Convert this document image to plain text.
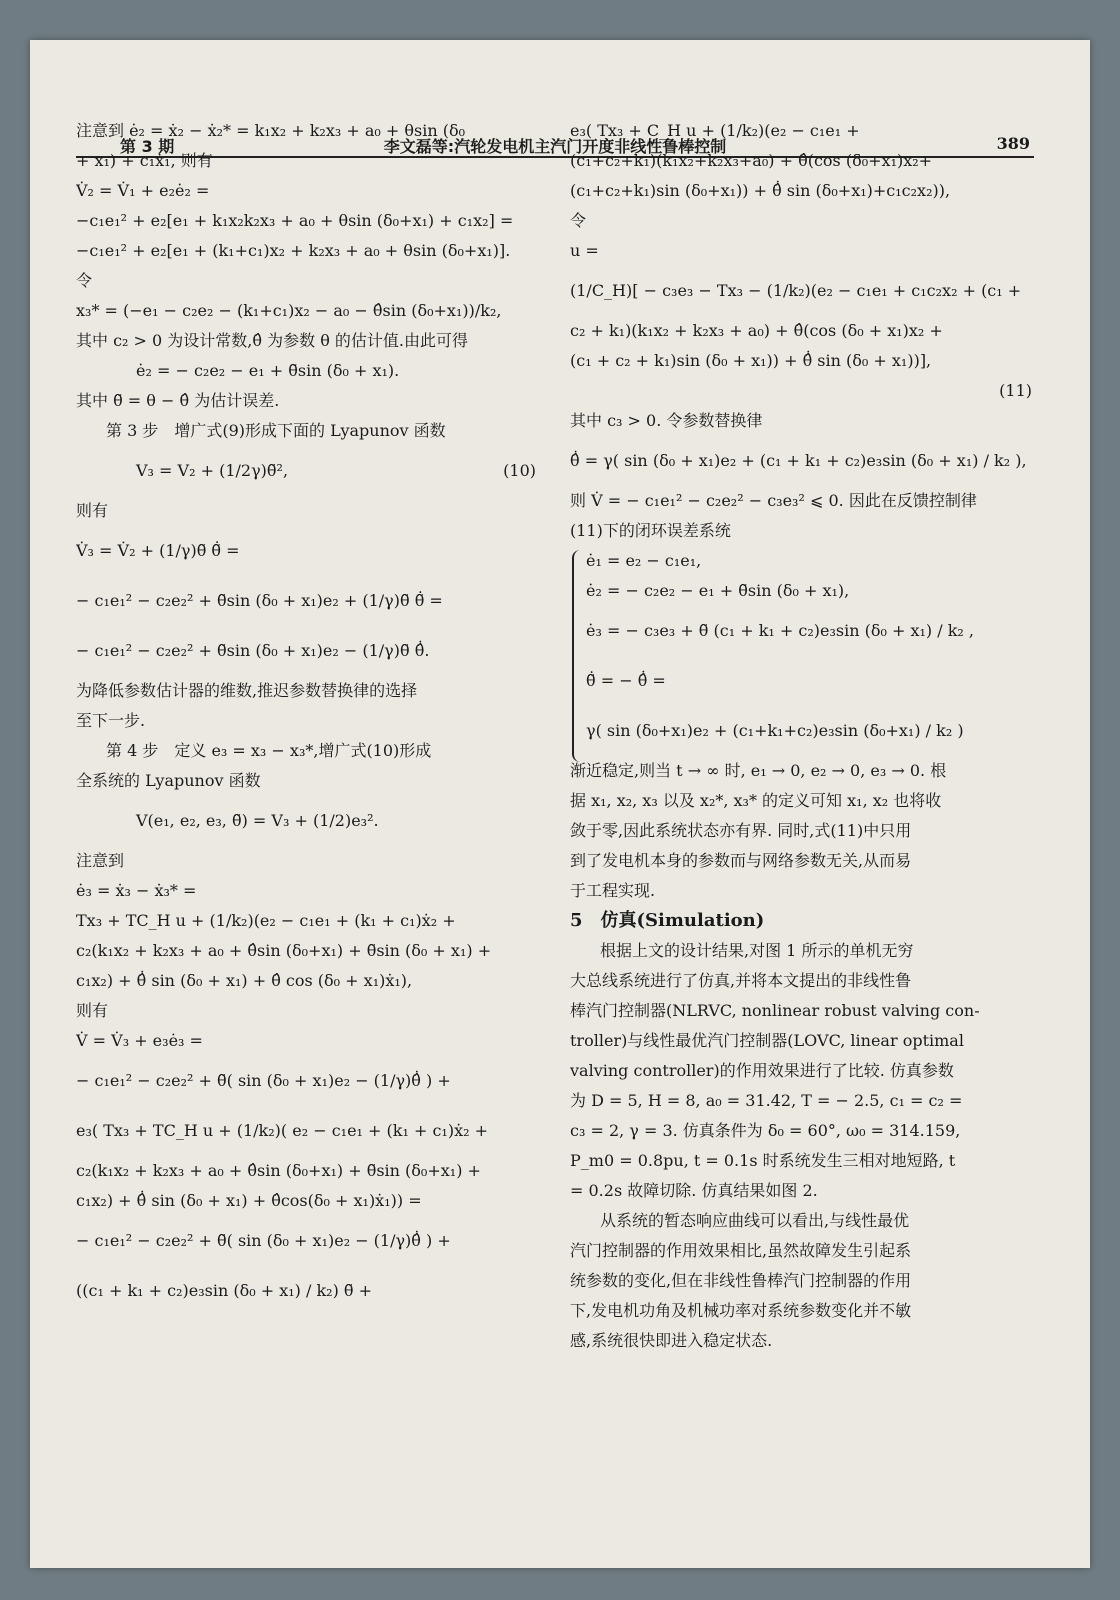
第 3 期	李文磊等:汽轮发电机主汽门开度非线性鲁棒控制	389
注意到 ė₂ = ẋ₂ − ẋ₂* = k₁x₂ + k₂x₃ + a₀ + θsin (δ₀
+ x₁) + c₁ẋ₁, 则有
V̇₂ = V̇₁ + e₂ė₂ =
−c₁e₁² + e₂[e₁ + k₁x₂k₂x₃ + a₀ + θsin (δ₀+x₁) + c₁x₂] =
−c₁e₁² + e₂[e₁ + (k₁+c₁)x₂ + k₂x₃ + a₀ + θsin (δ₀+x₁)].
令
x₃* = (−e₁ − c₂e₂ − (k₁+c₁)x₂ − a₀ − θ̂sin (δ₀+x₁))/k₂,
其中 c₂ > 0 为设计常数,θ̂ 为参数 θ 的估计值.由此可得
ė₂ = − c₂e₂ − e₁ + θ̃sin (δ₀ + x₁).
其中 θ̃ = θ − θ̂ 为估计误差.
第 3 步　增广式(9)形成下面的 Lyapunov 函数
V₃ = V₂ + (1/2γ)θ̃²,	(10)
则有
V̇₃ = V̇₂ + (1/γ)θ̃ θ̃̇ =
− c₁e₁² − c₂e₂² + θ̃sin (δ₀ + x₁)e₂ + (1/γ)θ̃ θ̃̇ =
− c₁e₁² − c₂e₂² + θ̃sin (δ₀ + x₁)e₂ − (1/γ)θ̃ θ̂̇.
为降低参数估计器的维数,推迟参数替换律的选择
至下一步.
第 4 步　定义 e₃ = x₃ − x₃*,增广式(10)形成
全系统的 Lyapunov 函数
V(e₁, e₂, e₃, θ̃) = V₃ + (1/2)e₃².
注意到
ė₃ = ẋ₃ − ẋ₃* =
Tx₃ + TC_H u + (1/k₂)(e₂ − c₁e₁ + (k₁ + c₁)ẋ₂ +
c₂(k₁x₂ + k₂x₃ + a₀ + θ̂sin (δ₀+x₁) + θ̃sin (δ₀ + x₁) +
c₁x₂) + θ̂̇ sin (δ₀ + x₁) + θ̂ cos (δ₀ + x₁)ẋ₁),
则有
V̇ = V̇₃ + e₃ė₃ =
− c₁e₁² − c₂e₂² + θ̃( sin (δ₀ + x₁)e₂ − (1/γ)θ̂̇ ) +
e₃( Tx₃ + TC_H u + (1/k₂)( e₂ − c₁e₁ + (k₁ + c₁)ẋ₂ +
c₂(k₁x₂ + k₂x₃ + a₀ + θ̂sin (δ₀+x₁) + θ̃sin (δ₀+x₁) +
c₁x₂) + θ̂̇ sin (δ₀ + x₁) + θ̂cos(δ₀ + x₁)ẋ₁)) =
− c₁e₁² − c₂e₂² + θ̃( sin (δ₀ + x₁)e₂ − (1/γ)θ̂̇ ) +
((c₁ + k₁ + c₂)e₃sin (δ₀ + x₁) / k₂) θ̃ +
e₃( Tx₃ + C_H u + (1/k₂)(e₂ − c₁e₁ +
(c₁+c₂+k₁)(k₁x₂+k₂x₃+a₀) + θ̂(cos (δ₀+x₁)x₂+
(c₁+c₂+k₁)sin (δ₀+x₁)) + θ̂̇ sin (δ₀+x₁)+c₁c₂x₂)),
令
u =
(1/C_H)[ − c₃e₃ − Tx₃ − (1/k₂)(e₂ − c₁e₁ + c₁c₂x₂ + (c₁ +
c₂ + k₁)(k₁x₂ + k₂x₃ + a₀) + θ̂(cos (δ₀ + x₁)x₂ +
(c₁ + c₂ + k₁)sin (δ₀ + x₁)) + θ̂̇ sin (δ₀ + x₁))],
(11)
其中 c₃ > 0. 令参数替换律
θ̂̇ = γ( sin (δ₀ + x₁)e₂ + (c₁ + k₁ + c₂)e₃sin (δ₀ + x₁) / k₂ ),
则 V̇ = − c₁e₁² − c₂e₂² − c₃e₃² ⩽ 0. 因此在反馈控制律
(11)下的闭环误差系统
ė₁ = e₂ − c₁e₁,
ė₂ = − c₂e₂ − e₁ + θ̃sin (δ₀ + x₁),
ė₃ = − c₃e₃ + θ̃ (c₁ + k₁ + c₂)e₃sin (δ₀ + x₁) / k₂ ,
θ̃̇ = − θ̂̇ =
γ( sin (δ₀+x₁)e₂ + (c₁+k₁+c₂)e₃sin (δ₀+x₁) / k₂ )
渐近稳定,则当 t → ∞ 时, e₁ → 0, e₂ → 0, e₃ → 0. 根
据 x₁, x₂, x₃ 以及 x₂*, x₃* 的定义可知 x₁, x₂ 也将收
敛于零,因此系统状态亦有界. 同时,式(11)中只用
到了发电机本身的参数而与网络参数无关,从而易
于工程实现.
5　仿真(Simulation)
根据上文的设计结果,对图 1 所示的单机无穷
大总线系统进行了仿真,并将本文提出的非线性鲁
棒汽门控制器(NLRVC, nonlinear robust valving con-
troller)与线性最优汽门控制器(LOVC, linear optimal
valving controller)的作用效果进行了比较. 仿真参数
为 D = 5, H = 8, a₀ = 31.42, T = − 2.5, c₁ = c₂ =
c₃ = 2, γ = 3. 仿真条件为 δ₀ = 60°, ω₀ = 314.159,
P_m0 = 0.8pu, t = 0.1s 时系统发生三相对地短路, t
= 0.2s 故障切除. 仿真结果如图 2.
从系统的暂态响应曲线可以看出,与线性最优
汽门控制器的作用效果相比,虽然故障发生引起系
统参数的变化,但在非线性鲁棒汽门控制器的作用
下,发电机功角及机械功率对系统参数变化并不敏
感,系统很快即进入稳定状态.
